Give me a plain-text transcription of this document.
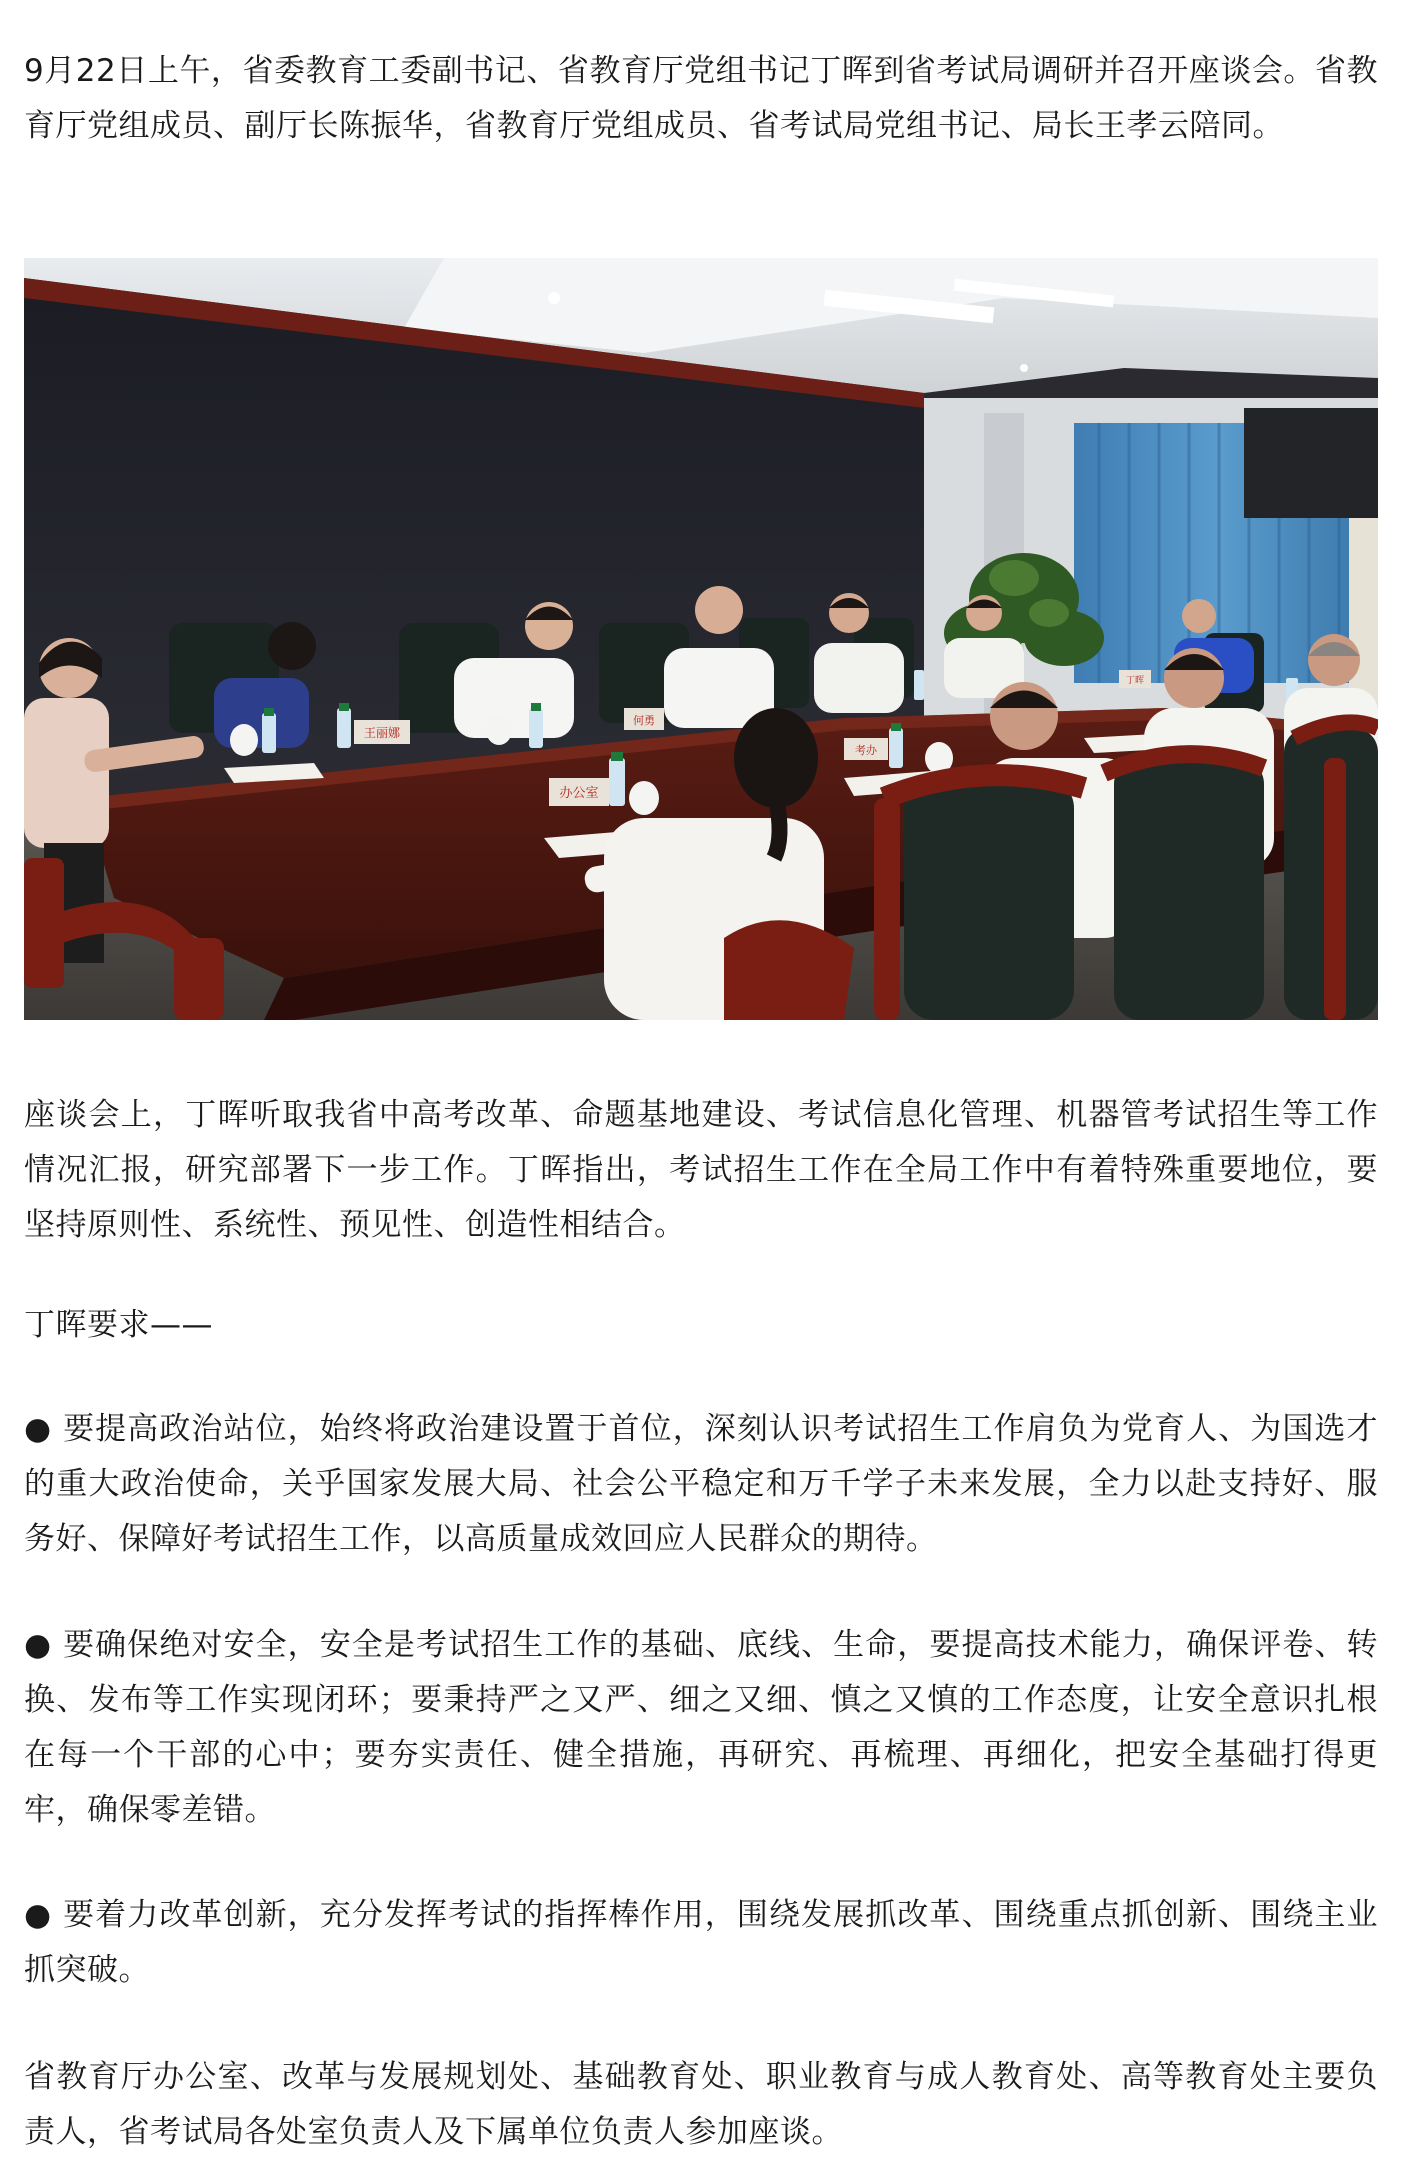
9月22日上午，省委教育工委副书记、省教育厅党组书记丁晖到省考试局调研并召开座谈会。省教育厅党组成员、副厅长陈振华，省教育厅党组成员、省考试局党组书记、局长王孝云陪同。

王丽娜
何勇
办公室
考办
丁晖

座谈会上，丁晖听取我省中高考改革、命题基地建设、考试信息化管理、机器管考试招生等工作情况汇报，研究部署下一步工作。丁晖指出，考试招生工作在全局工作中有着特殊重要地位，要坚持原则性、系统性、预见性、创造性相结合。

丁晖要求——

● 要提高政治站位，始终将政治建设置于首位，深刻认识考试招生工作肩负为党育人、为国选才的重大政治使命，关乎国家发展大局、社会公平稳定和万千学子未来发展，全力以赴支持好、服务好、保障好考试招生工作，以高质量成效回应人民群众的期待。

● 要确保绝对安全，安全是考试招生工作的基础、底线、生命，要提高技术能力，确保评卷、转换、发布等工作实现闭环；要秉持严之又严、细之又细、慎之又慎的工作态度，让安全意识扎根在每一个干部的心中；要夯实责任、健全措施，再研究、再梳理、再细化，把安全基础打得更牢，确保零差错。

● 要着力改革创新，充分发挥考试的指挥棒作用，围绕发展抓改革、围绕重点抓创新、围绕主业抓突破。

省教育厅办公室、改革与发展规划处、基础教育处、职业教育与成人教育处、高等教育处主要负责人，省考试局各处室负责人及下属单位负责人参加座谈。
